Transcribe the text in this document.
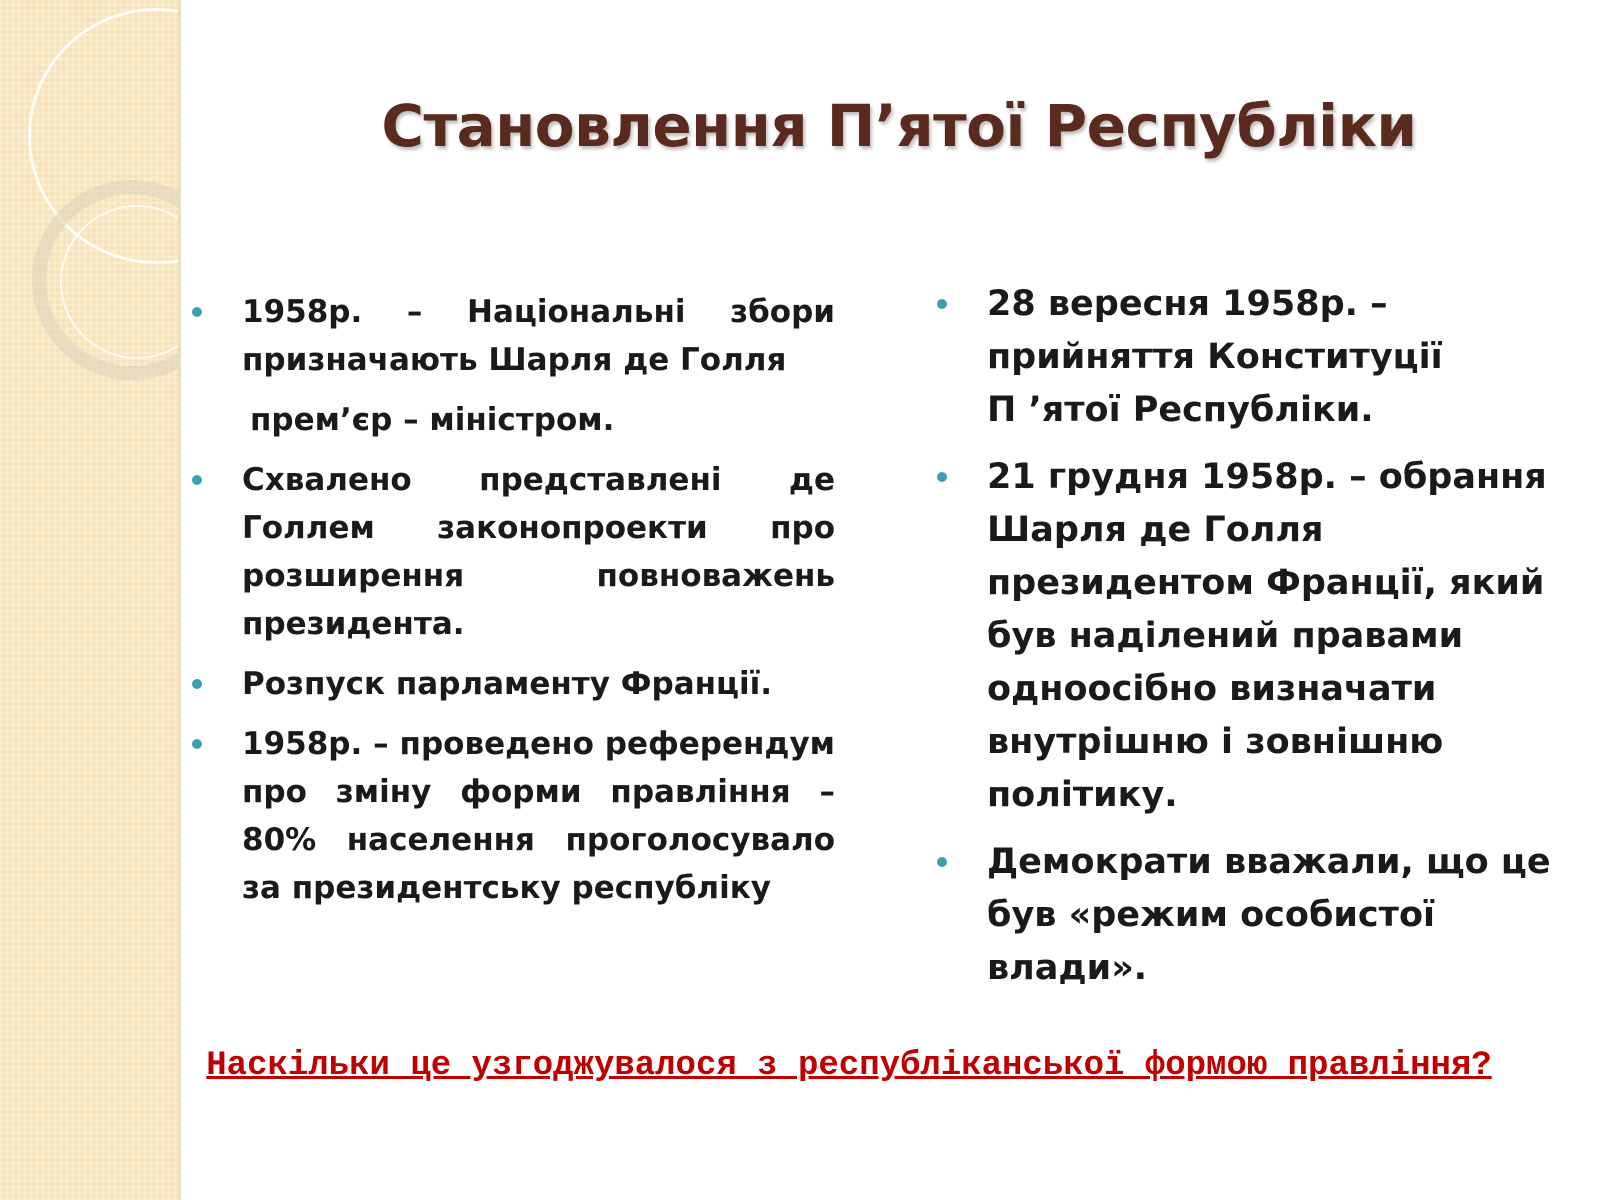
Становлення П’ятої Республіки
1958р. – Національні збори призначають Шарля де Голля
прем’єр – міністром.
Схвалено представлені де Голлем законопроекти про розширення повноважень президента.
Розпуск парламенту Франції.
1958р. – проведено референдум про зміну форми правління – 80% населення проголосувало за президентську республіку
28 вересня 1958р. –
прийняття Конституції
П ’ятої Республіки.
21 грудня 1958р. – обрання
Шарля де Голля
президентом Франції, який
був наділений правами
одноосібно визначати
внутрішню і зовнішню
політику.
Демократи вважали, що це
був «режим особистої
влади».
Наскільки це узгоджувалося з республіканської формою правління?
